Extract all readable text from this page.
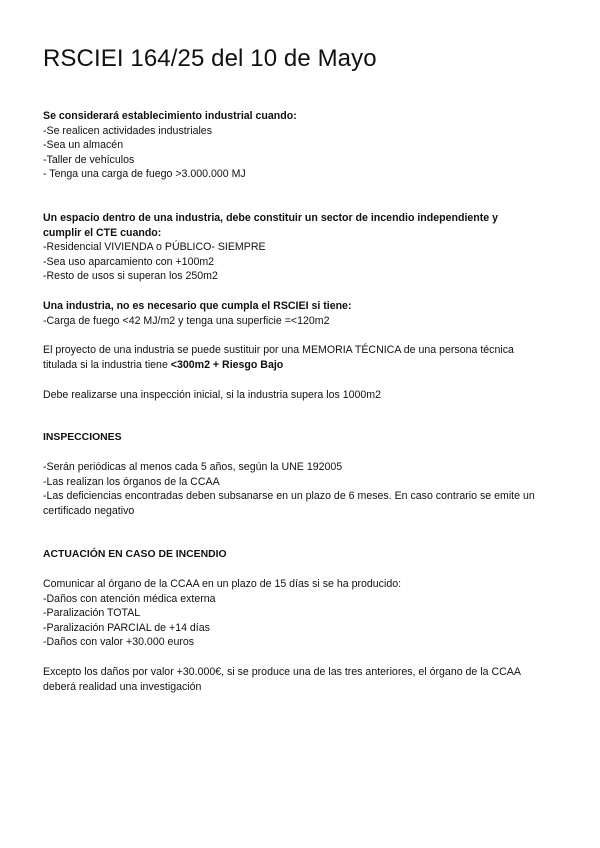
RSCIEI 164/25 del 10 de Mayo
Se considerará establecimiento industrial cuando:
-Se realicen actividades industriales
-Sea un almacén
-Taller de vehículos
- Tenga una carga de fuego >3.000.000 MJ
Un espacio dentro de una industria, debe constituir un sector de incendio independiente y
cumplir el CTE cuando:
-Residencial VIVIENDA o PÚBLICO- SIEMPRE
-Sea uso aparcamiento con +100m2
-Resto de usos si superan los 250m2
Una industria, no es necesario que cumpla el RSCIEI si tiene:
-Carga de fuego <42 MJ/m2 y tenga una superficie =<120m2
El proyecto de una industria se puede sustituir por una MEMORIA TÉCNICA de una persona técnica
titulada si la industria tiene <300m2 + Riesgo Bajo
Debe realizarse una inspección inicial, si la industria supera los 1000m2
INSPECCIONES
-Serán periódicas al menos cada 5 años, según la UNE 192005
-Las realizan los órganos de la CCAA
-Las deficiencias encontradas deben subsanarse en un plazo de 6 meses. En caso contrario se emite un
certificado negativo
ACTUACIÓN EN CASO DE INCENDIO
Comunicar al órgano de la CCAA en un plazo de 15 días si se ha producido:
-Daños con atención médica externa
-Paralización TOTAL
-Paralización PARCIAL de +14 días
-Daños con valor +30.000 euros
Excepto los daños por valor +30.000€, si se produce una de las tres anteriores, el órgano de la CCAA
deberá realidad una investigación
